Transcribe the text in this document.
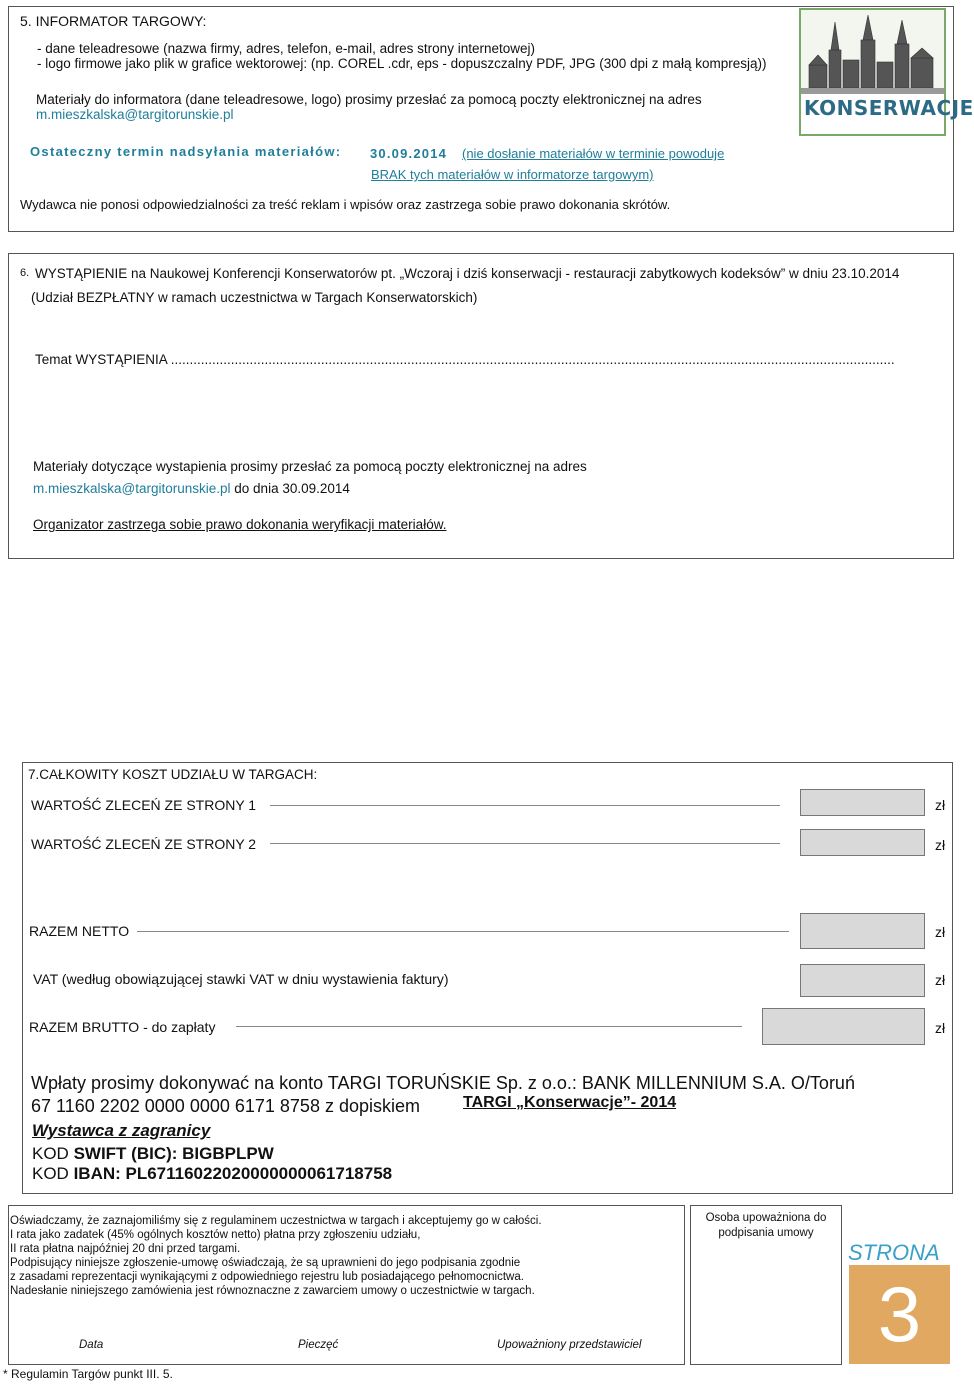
5. INFORMATOR TARGOWY:
- dane teleadresowe (nazwa firmy, adres, telefon, e-mail, adres strony internetowej)
- logo firmowe jako plik w grafice wektorowej: (np. COREL .cdr, eps - dopuszczalny PDF, JPG (300 dpi z małą kompresją))
Materiały do informatora (dane teleadresowe, logo) prosimy przesłać za pomocą poczty elektronicznej na adres
m.mieszkalska@targitorunskie.pl
Ostateczny termin nadsyłania materiałów: 30.09.2014 (nie dosłanie materiałów w terminie powoduje
BRAK tych materiałów w informatorze targowym)
Wydawca nie ponosi odpowiedzialności za treść reklam i wpisów oraz zastrzega sobie prawo dokonania skrótów.
KONSERWACJE
6. WYSTĄPIENIE na Naukowej Konferencji Konserwatorów pt. „Wczoraj i dziś konserwacji - restauracji zabytkowych kodeksów” w dniu 23.10.2014
(Udział BEZPŁATNY w ramach uczestnictwa w Targach Konserwatorskich)
Temat WYSTĄPIENIA .................................................................................................................................................................................................
Materiały dotyczące wystapienia prosimy przesłać za pomocą poczty elektronicznej na adres
m.mieszkalska@targitorunskie.pl do dnia 30.09.2014
Organizator zastrzega sobie prawo dokonania weryfikacji materiałów.
7.CAŁKOWITY KOSZT UDZIAŁU W TARGACH:
WARTOŚĆ ZLECEŃ ZE STRONY 1	zł
WARTOŚĆ ZLECEŃ ZE STRONY 2	zł
RAZEM NETTO	zł
VAT (według obowiązującej stawki VAT w dniu wystawienia faktury)	zł
RAZEM BRUTTO - do zapłaty	zł
Wpłaty prosimy dokonywać na konto TARGI TORUŃSKIE Sp. z o.o.: BANK MILLENNIUM S.A. O/Toruń
67 1160 2202 0000 0000 6171 8758 z dopiskiem	TARGI „Konserwacje”- 2014
Wystawca z zagranicy
KOD SWIFT (BIC): BIGBPLPW
KOD IBAN: PL67116022020000000061718758
Oświadczamy, że zaznajomiliśmy się z regulaminem uczestnictwa w targach i akceptujemy go w całości.
I rata jako zadatek (45% ogólnych kosztów netto) płatna przy zgłoszeniu udziału,
II rata płatna najpóźniej 20 dni przed targami.
Podpisujący niniejsze zgłoszenie-umowę oświadczają, że są uprawnieni do jego podpisania zgodnie
z zasadami reprezentacji wynikającymi z odpowiedniego rejestru lub posiadającego pełnomocnictwa.
Nadesłanie niniejszego zamówienia jest równoznaczne z zawarciem umowy o uczestnictwie w targach.
Data	Pieczęć	Upoważniony przedstawiciel
Osoba upoważniona do podpisania umowy
STRONA
3
* Regulamin Targów punkt III. 5.
